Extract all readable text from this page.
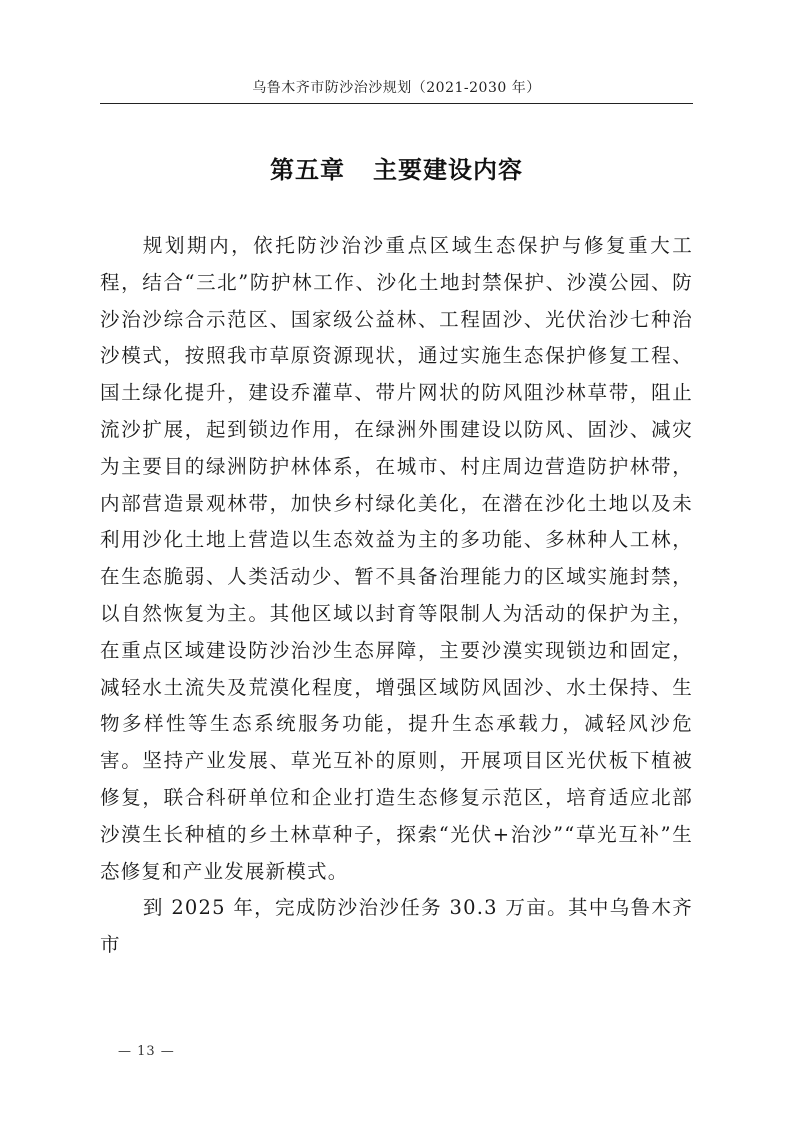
乌鲁木齐市防沙治沙规划（2021-2030 年）
第五章 主要建设内容

规划期内，依托防沙治沙重点区域生态保护与修复重大工程，结合“三北”防护林工作、沙化土地封禁保护、沙漠公园、防沙治沙综合示范区、国家级公益林、工程固沙、光伏治沙七种治沙模式，按照我市草原资源现状，通过实施生态保护修复工程、国土绿化提升，建设乔灌草、带片网状的防风阻沙林草带，阻止流沙扩展，起到锁边作用，在绿洲外围建设以防风、固沙、减灾为主要目的绿洲防护林体系，在城市、村庄周边营造防护林带，内部营造景观林带，加快乡村绿化美化，在潜在沙化土地以及未利用沙化土地上营造以生态效益为主的多功能、多林种人工林，在生态脆弱、人类活动少、暂不具备治理能力的区域实施封禁，以自然恢复为主。其他区域以封育等限制人为活动的保护为主，在重点区域建设防沙治沙生态屏障，主要沙漠实现锁边和固定，减轻水土流失及荒漠化程度，增强区域防风固沙、水土保持、生物多样性等生态系统服务功能，提升生态承载力，减轻风沙危害。坚持产业发展、草光互补的原则，开展项目区光伏板下植被修复，联合科研单位和企业打造生态修复示范区，培育适应北部沙漠生长种植的乡土林草种子，探索“光伏+治沙”“草光互补”生态修复和产业发展新模式。

到 2025 年，完成防沙治沙任务 30.3 万亩。其中乌鲁木齐市

— 13 —
